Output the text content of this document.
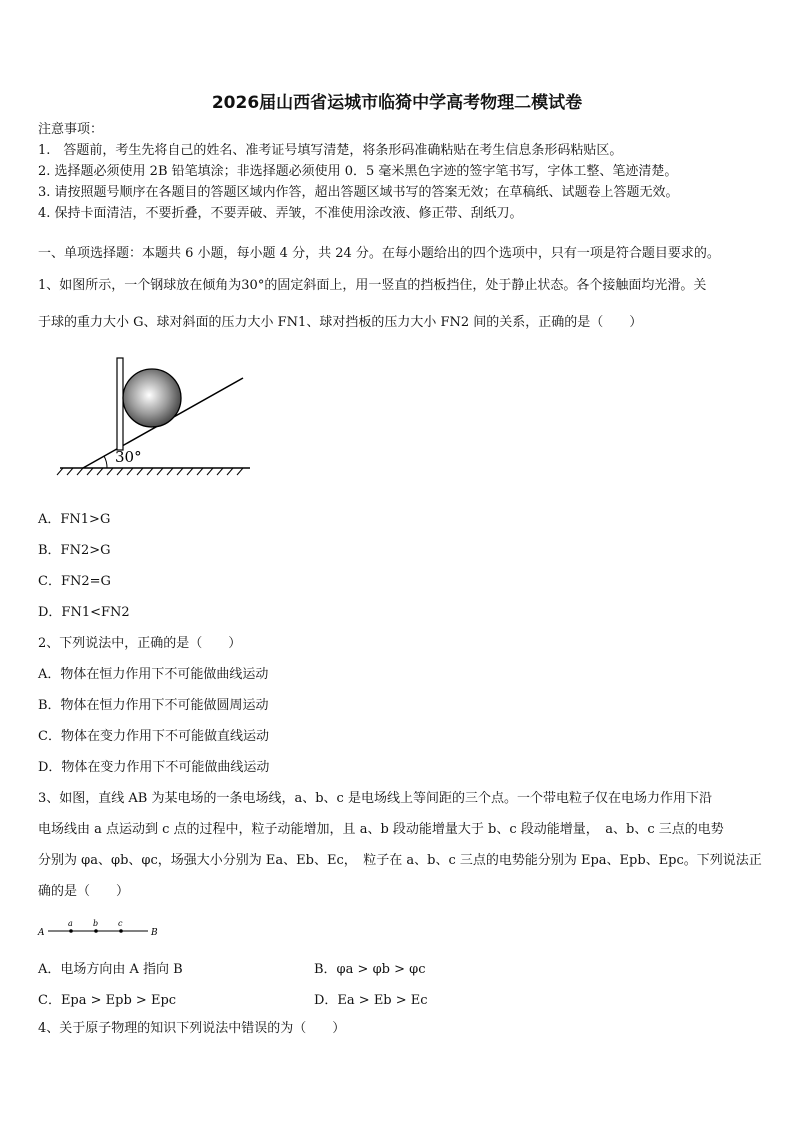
2026届山西省运城市临猗中学高考物理二模试卷
注意事项：
1.　答题前，考生先将自己的姓名、准考证号填写清楚，将条形码准确粘贴在考生信息条形码粘贴区。
2. 选择题必须使用 2B 铅笔填涂；非选择题必须使用 0．5 毫米黑色字迹的签字笔书写，字体工整、笔迹清楚。
3. 请按照题号顺序在各题目的答题区域内作答，超出答题区域书写的答案无效；在草稿纸、试题卷上答题无效。
4. 保持卡面清洁，不要折叠，不要弄破、弄皱，不准使用涂改液、修正带、刮纸刀。
一、单项选择题：本题共 6 小题，每小题 4 分，共 24 分。在每小题给出的四个选项中，只有一项是符合题目要求的。
1、如图所示，一个钢球放在倾角为30°的固定斜面上，用一竖直的挡板挡住，处于静止状态。各个接触面均光滑。关
于球的重力大小 G、球对斜面的压力大小 FN1、球对挡板的压力大小 FN2 间的关系，正确的是（　　）
30°
A．FN1>G
B．FN2>G
C．FN2=G
D．FN1<FN2
2、下列说法中，正确的是（　　）
A．物体在恒力作用下不可能做曲线运动
B．物体在恒力作用下不可能做圆周运动
C．物体在变力作用下不可能做直线运动
D．物体在变力作用下不可能做曲线运动
3、如图，直线 AB 为某电场的一条电场线，a、b、c 是电场线上等间距的三个点。一个带电粒子仅在电场力作用下沿
电场线由 a 点运动到 c 点的过程中，粒子动能增加，且 a、b 段动能增量大于 b、c 段动能增量，　a、b、c 三点的电势
分别为 φa、φb、φc，场强大小分别为 Ea、Eb、Ec，　粒子在 a、b、c 三点的电势能分别为 Epa、Epb、Epc。下列说法正
确的是（　　）
A	B
a	b c
A．电场方向由 A 指向 B	B．φa > φb > φc
C．Epa > Epb > Epc	D．Ea > Eb > Ec
4、关于原子物理的知识下列说法中错误的为（　　）
